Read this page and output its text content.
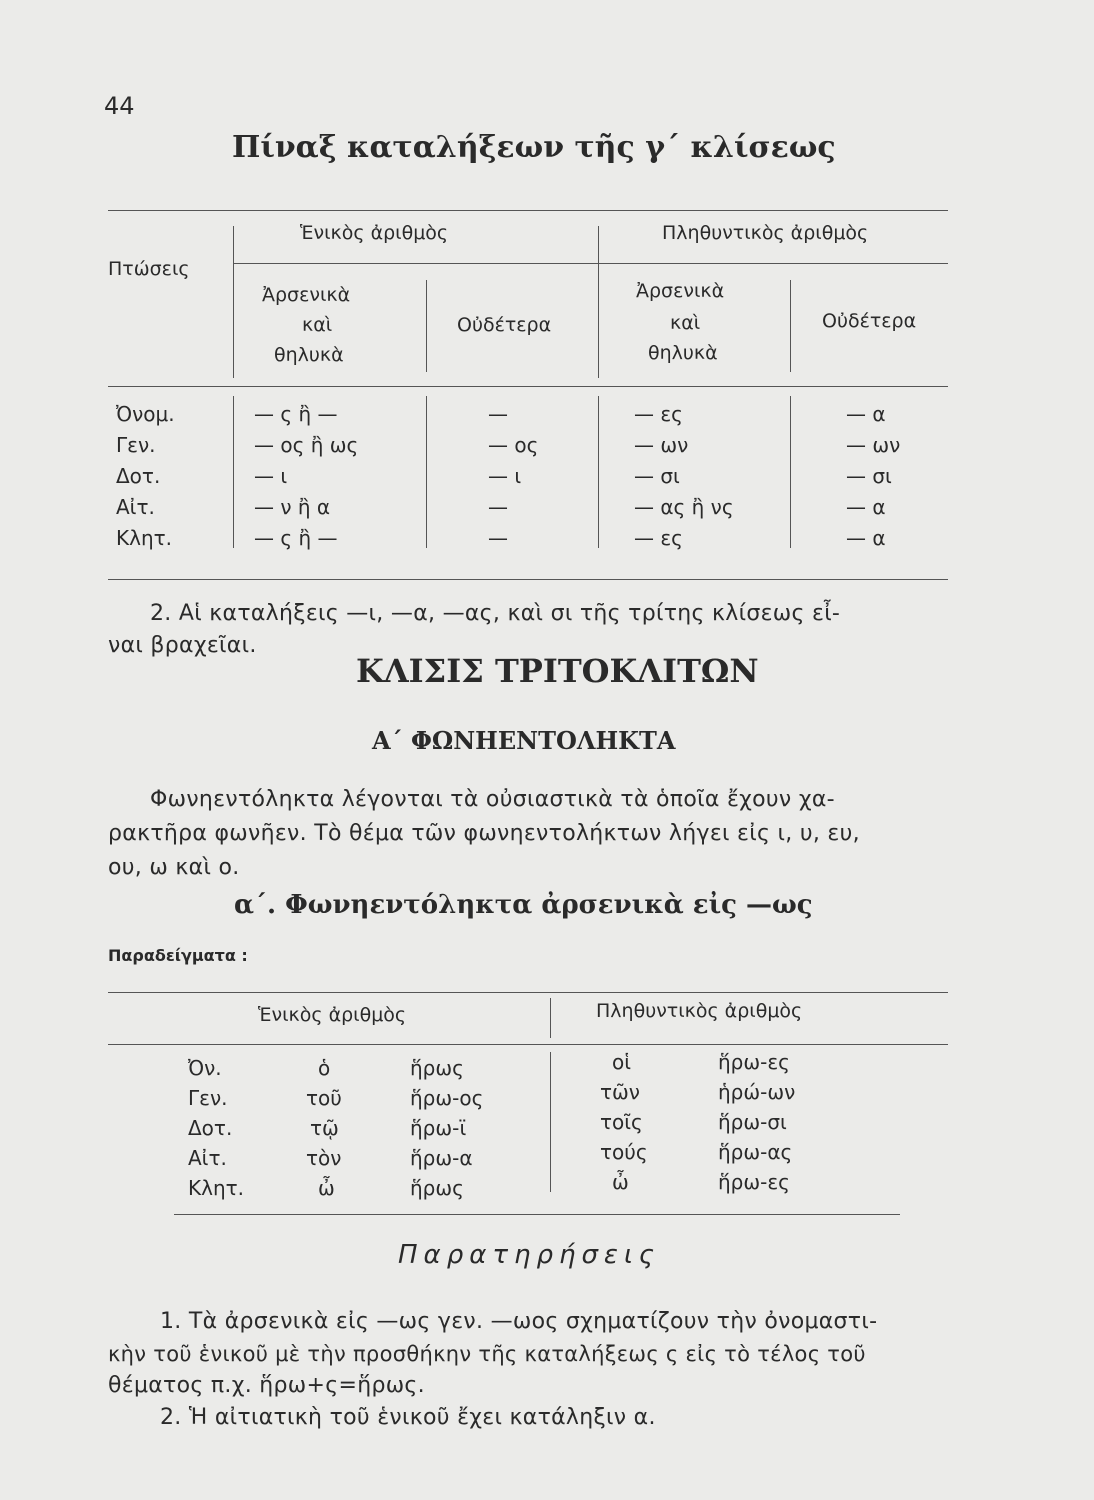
44
Πίναξ καταλήξεων τῆς γ΄ κλίσεως
Πτώσεις
Ἑνικὸς ἀριθμὸς	Πληθυντικὸς ἀριθμὸς
Ἀρσενικὰ
καὶ
θηλυκὰ
Οὐδέτερα
Ἀρσενικὰ
καὶ
θηλυκὰ
Οὐδέτερα
Ὀνομ.	— ς ἢ —	—	— ες	— α
Γεν.	— ος ἢ ως	— ος	— ων	— ων
Δοτ.	— ι	— ι	— σι	— σι
Αἰτ.	— ν ἢ α	—	— ας ἢ νς	— α
Κλητ.	— ς ἢ —	—	— ες	— α
2. Αἱ καταλήξεις —ι, —α, —ας, καὶ σι τῆς τρίτης κλίσεως εἶ-
ναι βραχεῖαι.
ΚΛΙΣΙΣ ΤΡΙΤΟΚΛΙΤΩΝ
Α΄ ΦΩΝΗΕΝΤΟΛΗΚΤΑ
Φωνηεντόληκτα λέγονται τὰ οὐσιαστικὰ τὰ ὁποῖα ἔχουν χα-
ρακτῆρα φωνῆεν. Τὸ θέμα τῶν φωνηεντολήκτων λήγει εἰς ι, υ, ευ,
ου, ω καὶ ο.
α΄. Φωνηεντόληκτα ἀρσενικὰ εἰς —ως
Παραδείγματα :
Ἑνικὸς ἀριθμὸς	Πληθυντικὸς ἀριθμὸς
Ὀν.	ὁ	ἥρως	οἱ	ἥρω-ες
Γεν.	τοῦ	ἥρω-ος	τῶν	ἡρώ-ων
Δοτ.	τῷ	ἥρω-ϊ	τοῖς	ἥρω-σι
Αἰτ.	τὸν	ἥρω-α	τούς	ἥρω-ας
Κλητ.	ὦ	ἥρως	ὦ	ἥρω-ες
Παρατηρήσεις
1. Τὰ ἀρσενικὰ εἰς —ως γεν. —ωος σχηματίζουν τὴν ὀνομαστι-
κὴν τοῦ ἑνικοῦ μὲ τὴν προσθήκην τῆς καταλήξεως ς εἰς τὸ τέλος τοῦ
θέματος π.χ. ἥρω+ς=ἥρως.
2. Ἡ αἰτιατικὴ τοῦ ἑνικοῦ ἔχει κατάληξιν α.
